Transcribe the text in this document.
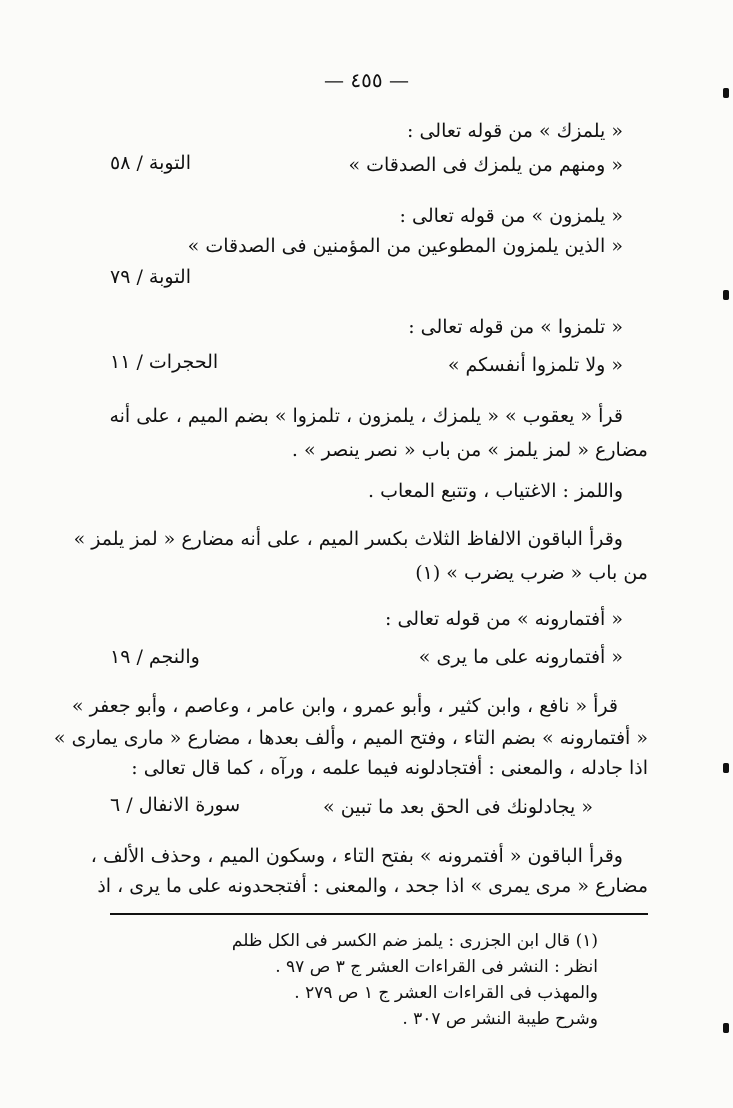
— ٤٥٥ —
« يلمزك » من قوله تعالى :
« ومنهم من يلمزك فى الصدقات »
التوبة / ٥٨
« يلمزون » من قوله تعالى :
« الذين يلمزون المطوعين من المؤمنين فى الصدقات »
التوبة / ٧٩
« تلمزوا » من قوله تعالى :
« ولا تلمزوا أنفسكم »
الحجرات / ١١
قرأ « يعقوب » « يلمزك ، يلمزون ، تلمزوا » بضم الميم ، على أنه
مضارع « لمز يلمز » من باب « نصر ينصر » .
واللمز : الاغتياب ، وتتبع المعاب .
وقرأ الباقون الالفاظ الثلاث بكسر الميم ، على أنه مضارع « لمز يلمز »
من باب « ضرب يضرب » (١)
« أفتمارونه » من قوله تعالى :
« أفتمارونه على ما يرى »
والنجم / ١٩
قرأ « نافع ، وابن كثير ، وأبو عمرو ، وابن عامر ، وعاصم ، وأبو جعفر »
« أفتمارونه » بضم التاء ، وفتح الميم ، وألف بعدها ، مضارع « مارى يمارى »
اذا جادله ، والمعنى : أفتجادلونه فيما علمه ، ورآه ، كما قال تعالى :
« يجادلونك فى الحق بعد ما تبين »
سورة الانفال / ٦
وقرأ الباقون « أفتمرونه » بفتح التاء ، وسكون الميم ، وحذف الألف ،
مضارع « مرى يمرى » اذا جحد ، والمعنى : أفتجحدونه على ما يرى ، اذ
(١) قال ابن الجزرى : يلمز ضم الكسر فى الكل ظلم
انظر : النشر فى القراءات العشر ج ٣ ص ٩٧ .
والمهذب فى القراءات العشر ج ١ ص ٢٧٩ .
وشرح طيبة النشر ص ٣٠٧ .
